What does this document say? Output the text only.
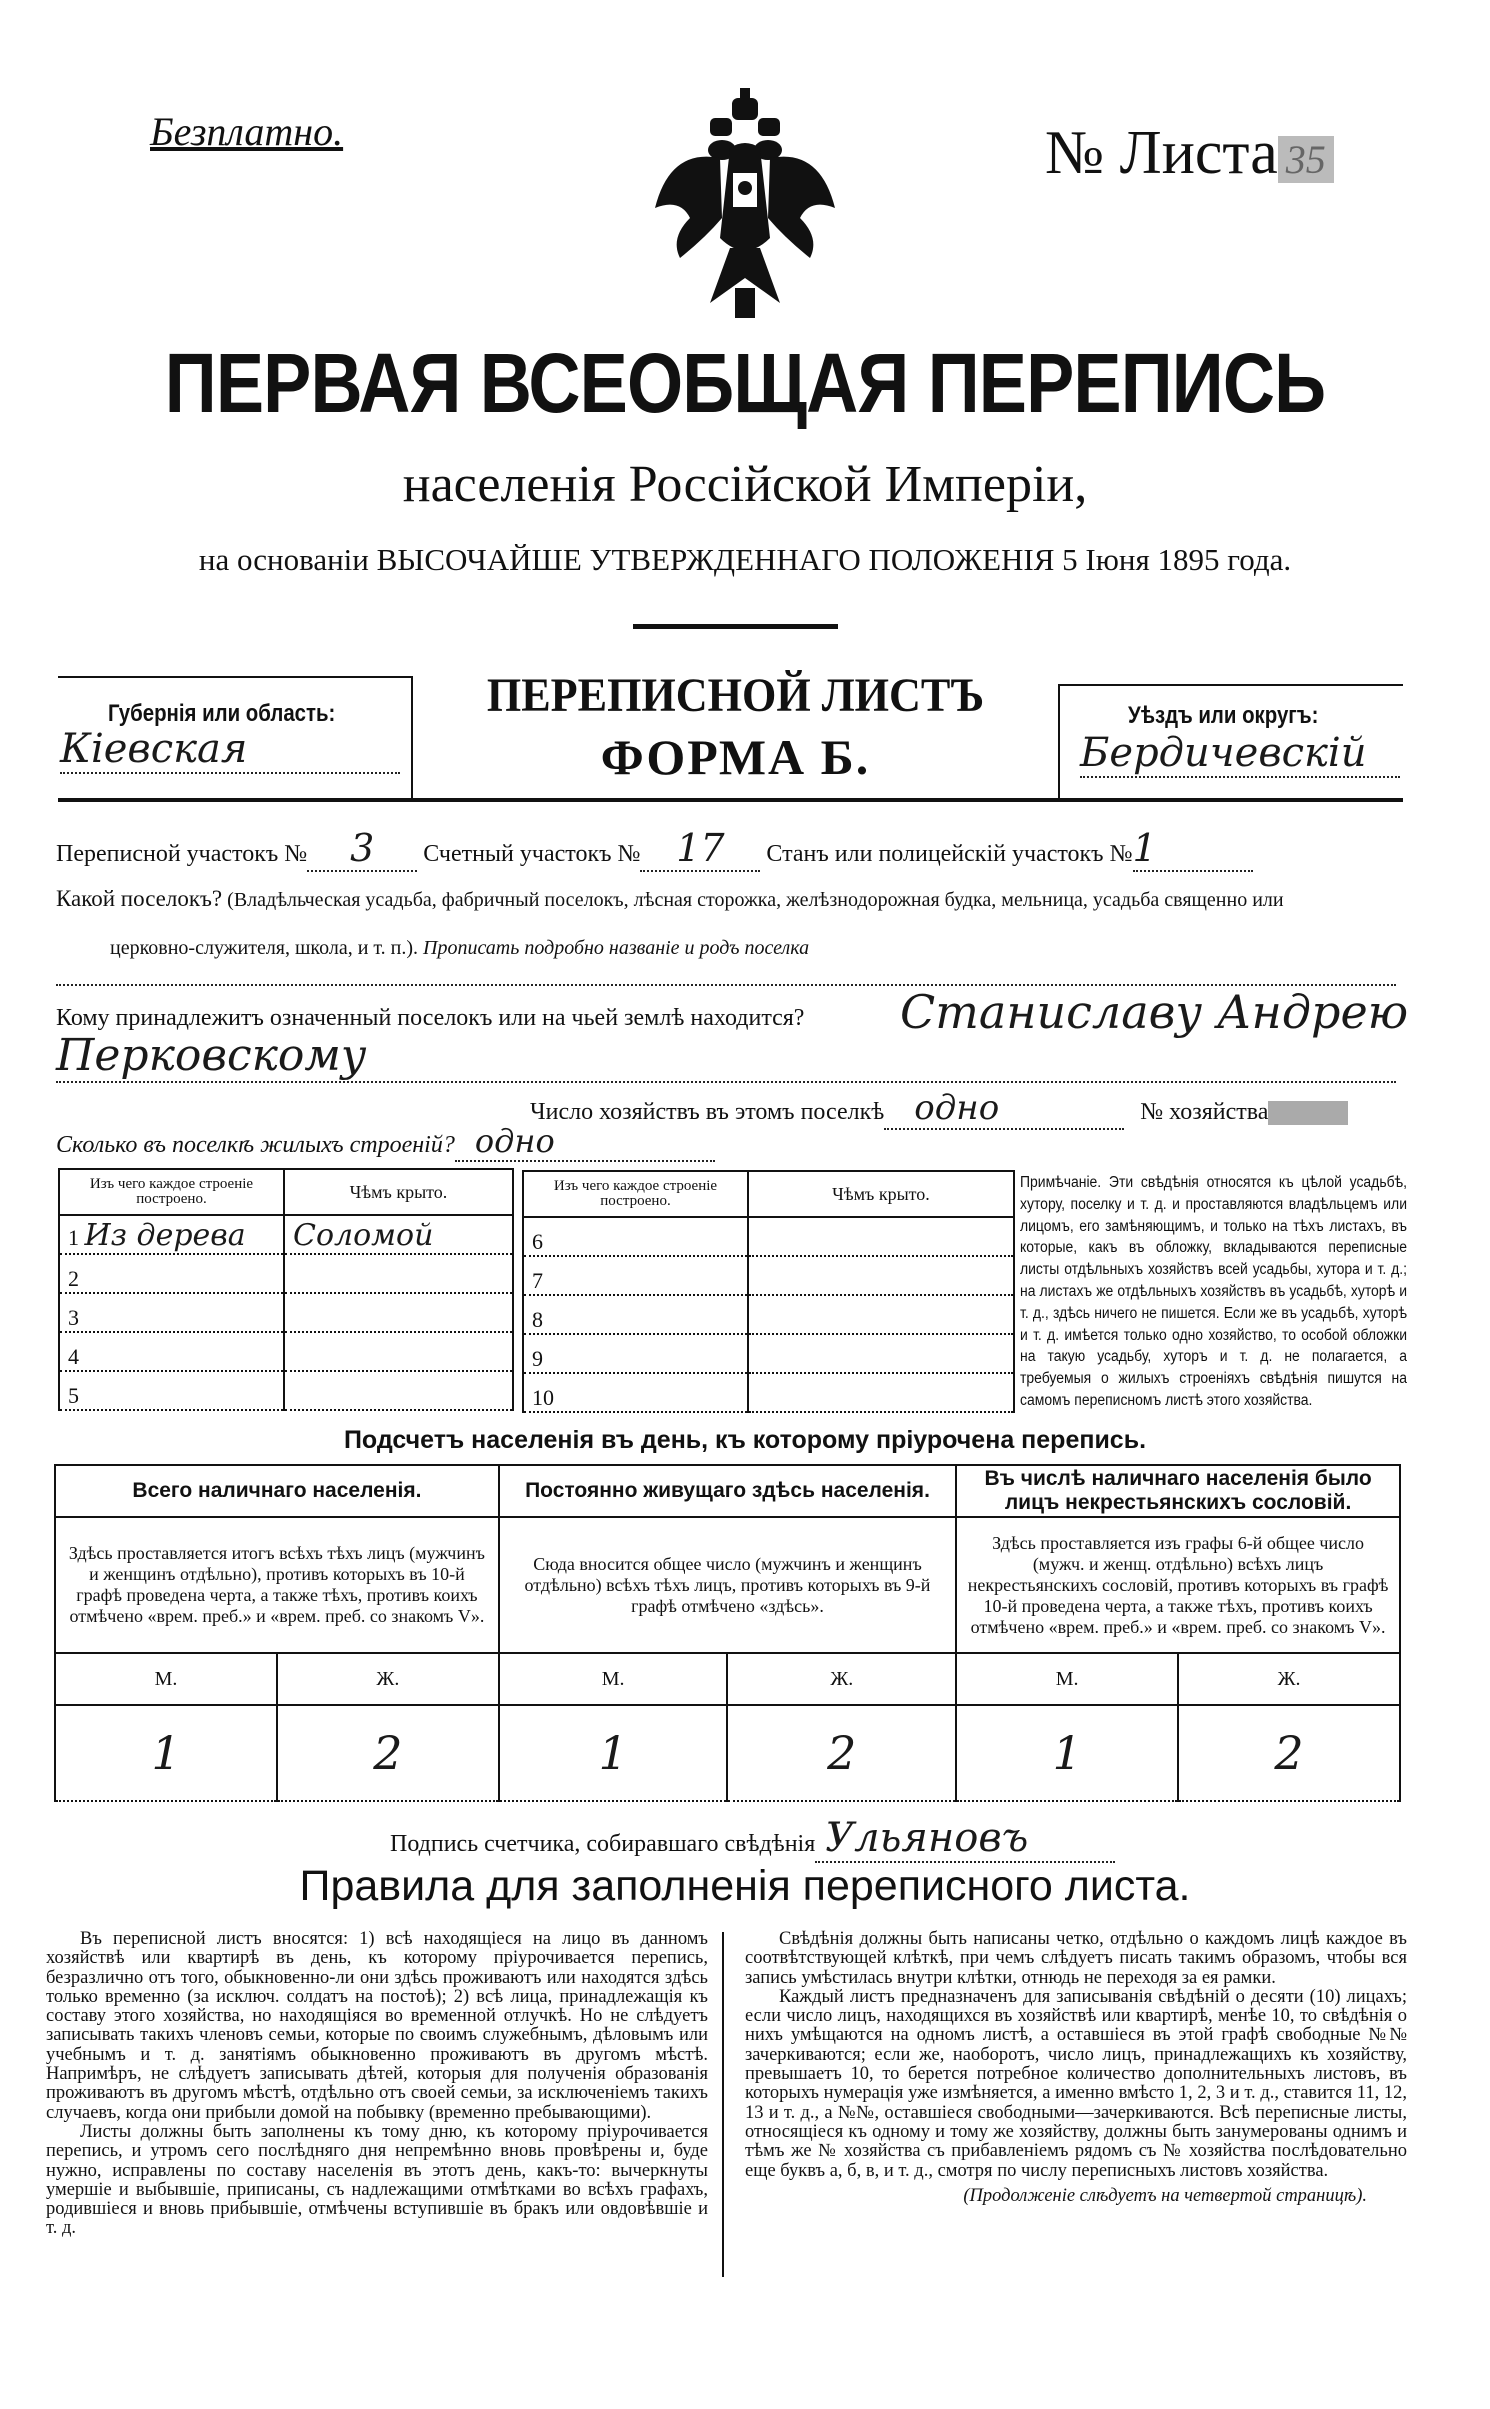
Безплатно.	№ Листа 35
ПЕРВАЯ ВСЕОБЩАЯ ПЕРЕПИСЬ
населенія Россійской Имперіи,
на основаніи ВЫСОЧАЙШЕ УТВЕРЖДЕННАГО ПОЛОЖЕНІЯ 5 Іюня 1895 года.
Губернія или область:
Кіевская
ПЕРЕПИСНОЙ ЛИСТЪ
ФОРМА Б.
Уѣздъ или округъ:
Бердичевскій
Переписной участокъ № 3 Счетный участокъ № 17 Станъ или полицейскій участокъ №1
Какой поселокъ? (Владѣльческая усадьба, фабричный поселокъ, лѣсная сторожка, желѣзнодорожная будка, мельница, усадьба священно или
церковно-служителя, школа, и т. п.). Прописать подробно названіе и родъ поселка
Кому принадлежитъ означенный поселокъ или на чьей землѣ находится? Станиславу Андрею
Перковскому
Число хозяйствъ въ этомъ поселкѣ одно	№ хозяйства
Сколько въ поселкѣ жилыхъ строеній? одно
Изъ чего каждое строеніе построено.	Чѣмъ крыто.
1 Из дерева	Соломой
2	
3	
4	
5	
Изъ чего каждое строеніе построено.	Чѣмъ крыто.
6	
7	
8	
9	
10	
Примѣчаніе. Эти свѣдѣнія относятся къ цѣлой усадьбѣ, хутору, поселку и т. д. и проставляются владѣльцемъ или лицомъ, его замѣняющимъ, и только на тѣхъ листахъ, въ которые, какъ въ обложку, вкладываются переписные листы отдѣльныхъ хозяйствъ всей усадьбы, хутора и т. д.; на листахъ же отдѣльныхъ хозяйствъ въ усадьбѣ, хуторѣ и т. д., здѣсь ничего не пишется. Если же въ усадьбѣ, хуторѣ и т. д. имѣется только одно хозяйство, то особой обложки на такую усадьбу, хуторъ и т. д. не полагается, а требуемыя о жилыхъ строеніяхъ свѣдѣнія пишутся на самомъ переписномъ листѣ этого хозяйства.
Подсчетъ населенія въ день, къ которому пріурочена перепись.
Всего наличнаго населенія.		Постоянно живущаго здѣсь населенія.		Въ числѣ наличнаго населенія было лицъ некрестьянскихъ сословій.	
Здѣсь проставляется итогъ всѣхъ тѣхъ лицъ (мужчинъ и женщинъ отдѣльно), противъ которыхъ въ 10-й графѣ проведена черта, а также тѣхъ, противъ коихъ отмѣчено «врем. преб.» и «врем. преб. со знакомъ V».		Сюда вносится общее число (мужчинъ и женщинъ отдѣльно) всѣхъ тѣхъ лицъ, противъ которыхъ въ 9-й графѣ отмѣчено «здѣсь».		Здѣсь проставляется изъ графы 6-й общее число (мужч. и женщ. отдѣльно) всѣхъ лицъ некрестьянскихъ сословій, противъ которыхъ въ графѣ 10-й проведена черта, а также тѣхъ, противъ коихъ отмѣчено «врем. преб.» и «врем. преб. со знакомъ V».	
М.	Ж.	М.	Ж.	М.	Ж.
1	2	1	2	1	2
Подпись счетчика, собиравшаго свѣдѣнія Ульяновъ
Правила для заполненія переписного листа.

Въ переписной листъ вносятся: 1) всѣ находящіеся на лицо въ данномъ хозяйствѣ или квартирѣ въ день, къ которому пріурочивается перепись, безразлично отъ того, обыкновенно-ли они здѣсь проживаютъ или находятся здѣсь только временно (за исключ. солдатъ на постоѣ); 2) всѣ лица, принадлежащія къ составу этого хозяйства, но находящіяся во временной отлучкѣ. Но не слѣдуетъ записывать такихъ членовъ семьи, которые по своимъ служебнымъ, дѣловымъ или учебнымъ и т. д. занятіямъ обыкновенно проживаютъ въ другомъ мѣстѣ. Напримѣръ, не слѣдуетъ записывать дѣтей, которыя для полученія образованія проживаютъ въ другомъ мѣстѣ, отдѣльно отъ своей семьи, за исключеніемъ такихъ случаевъ, когда они прибыли домой на побывку (временно пребывающими).

Листы должны быть заполнены къ тому дню, къ которому пріурочивается перепись, и утромъ сего послѣдняго дня непремѣнно вновь провѣрены и, буде нужно, исправлены по составу населенія въ этотъ день, какъ-то: вычеркнуты умершіе и выбывшіе, приписаны, съ надлежащими отмѣтками во всѣхъ графахъ, родившіеся и вновь прибывшіе, отмѣчены вступившіе въ бракъ или овдовѣвшіе и т. д.

Свѣдѣнія должны быть написаны четко, отдѣльно о каждомъ лицѣ каждое въ соотвѣтствующей клѣткѣ, при чемъ слѣдуетъ писать такимъ образомъ, чтобы вся запись умѣстилась внутри клѣтки, отнюдь не переходя за ея рамки.

Каждый листъ предназначенъ для записыванія свѣдѣній о десяти (10) лицахъ; если число лицъ, находящихся въ хозяйствѣ или квартирѣ, менѣе 10, то свѣдѣнія о нихъ умѣщаются на одномъ листѣ, а оставшіеся въ этой графѣ свободные №№ зачеркиваются; если же, наоборотъ, число лицъ, принадлежащихъ къ хозяйству, превышаетъ 10, то берется потребное количество дополнительныхъ листовъ, въ которыхъ нумерація уже измѣняется, а именно вмѣсто 1, 2, 3 и т. д., ставится 11, 12, 13 и т. д., а №№, оставшіеся свободными—зачеркиваются. Всѣ переписные листы, относящіеся къ одному и тому же хозяйству, должны быть занумерованы однимъ и тѣмъ же № хозяйства съ прибавленіемъ рядомъ съ № хозяйства послѣдовательно еще буквъ а, б, в, и т. д., смотря по числу переписныхъ листовъ хозяйства.

(Продолженіе слѣдуетъ на четвертой страницѣ).
